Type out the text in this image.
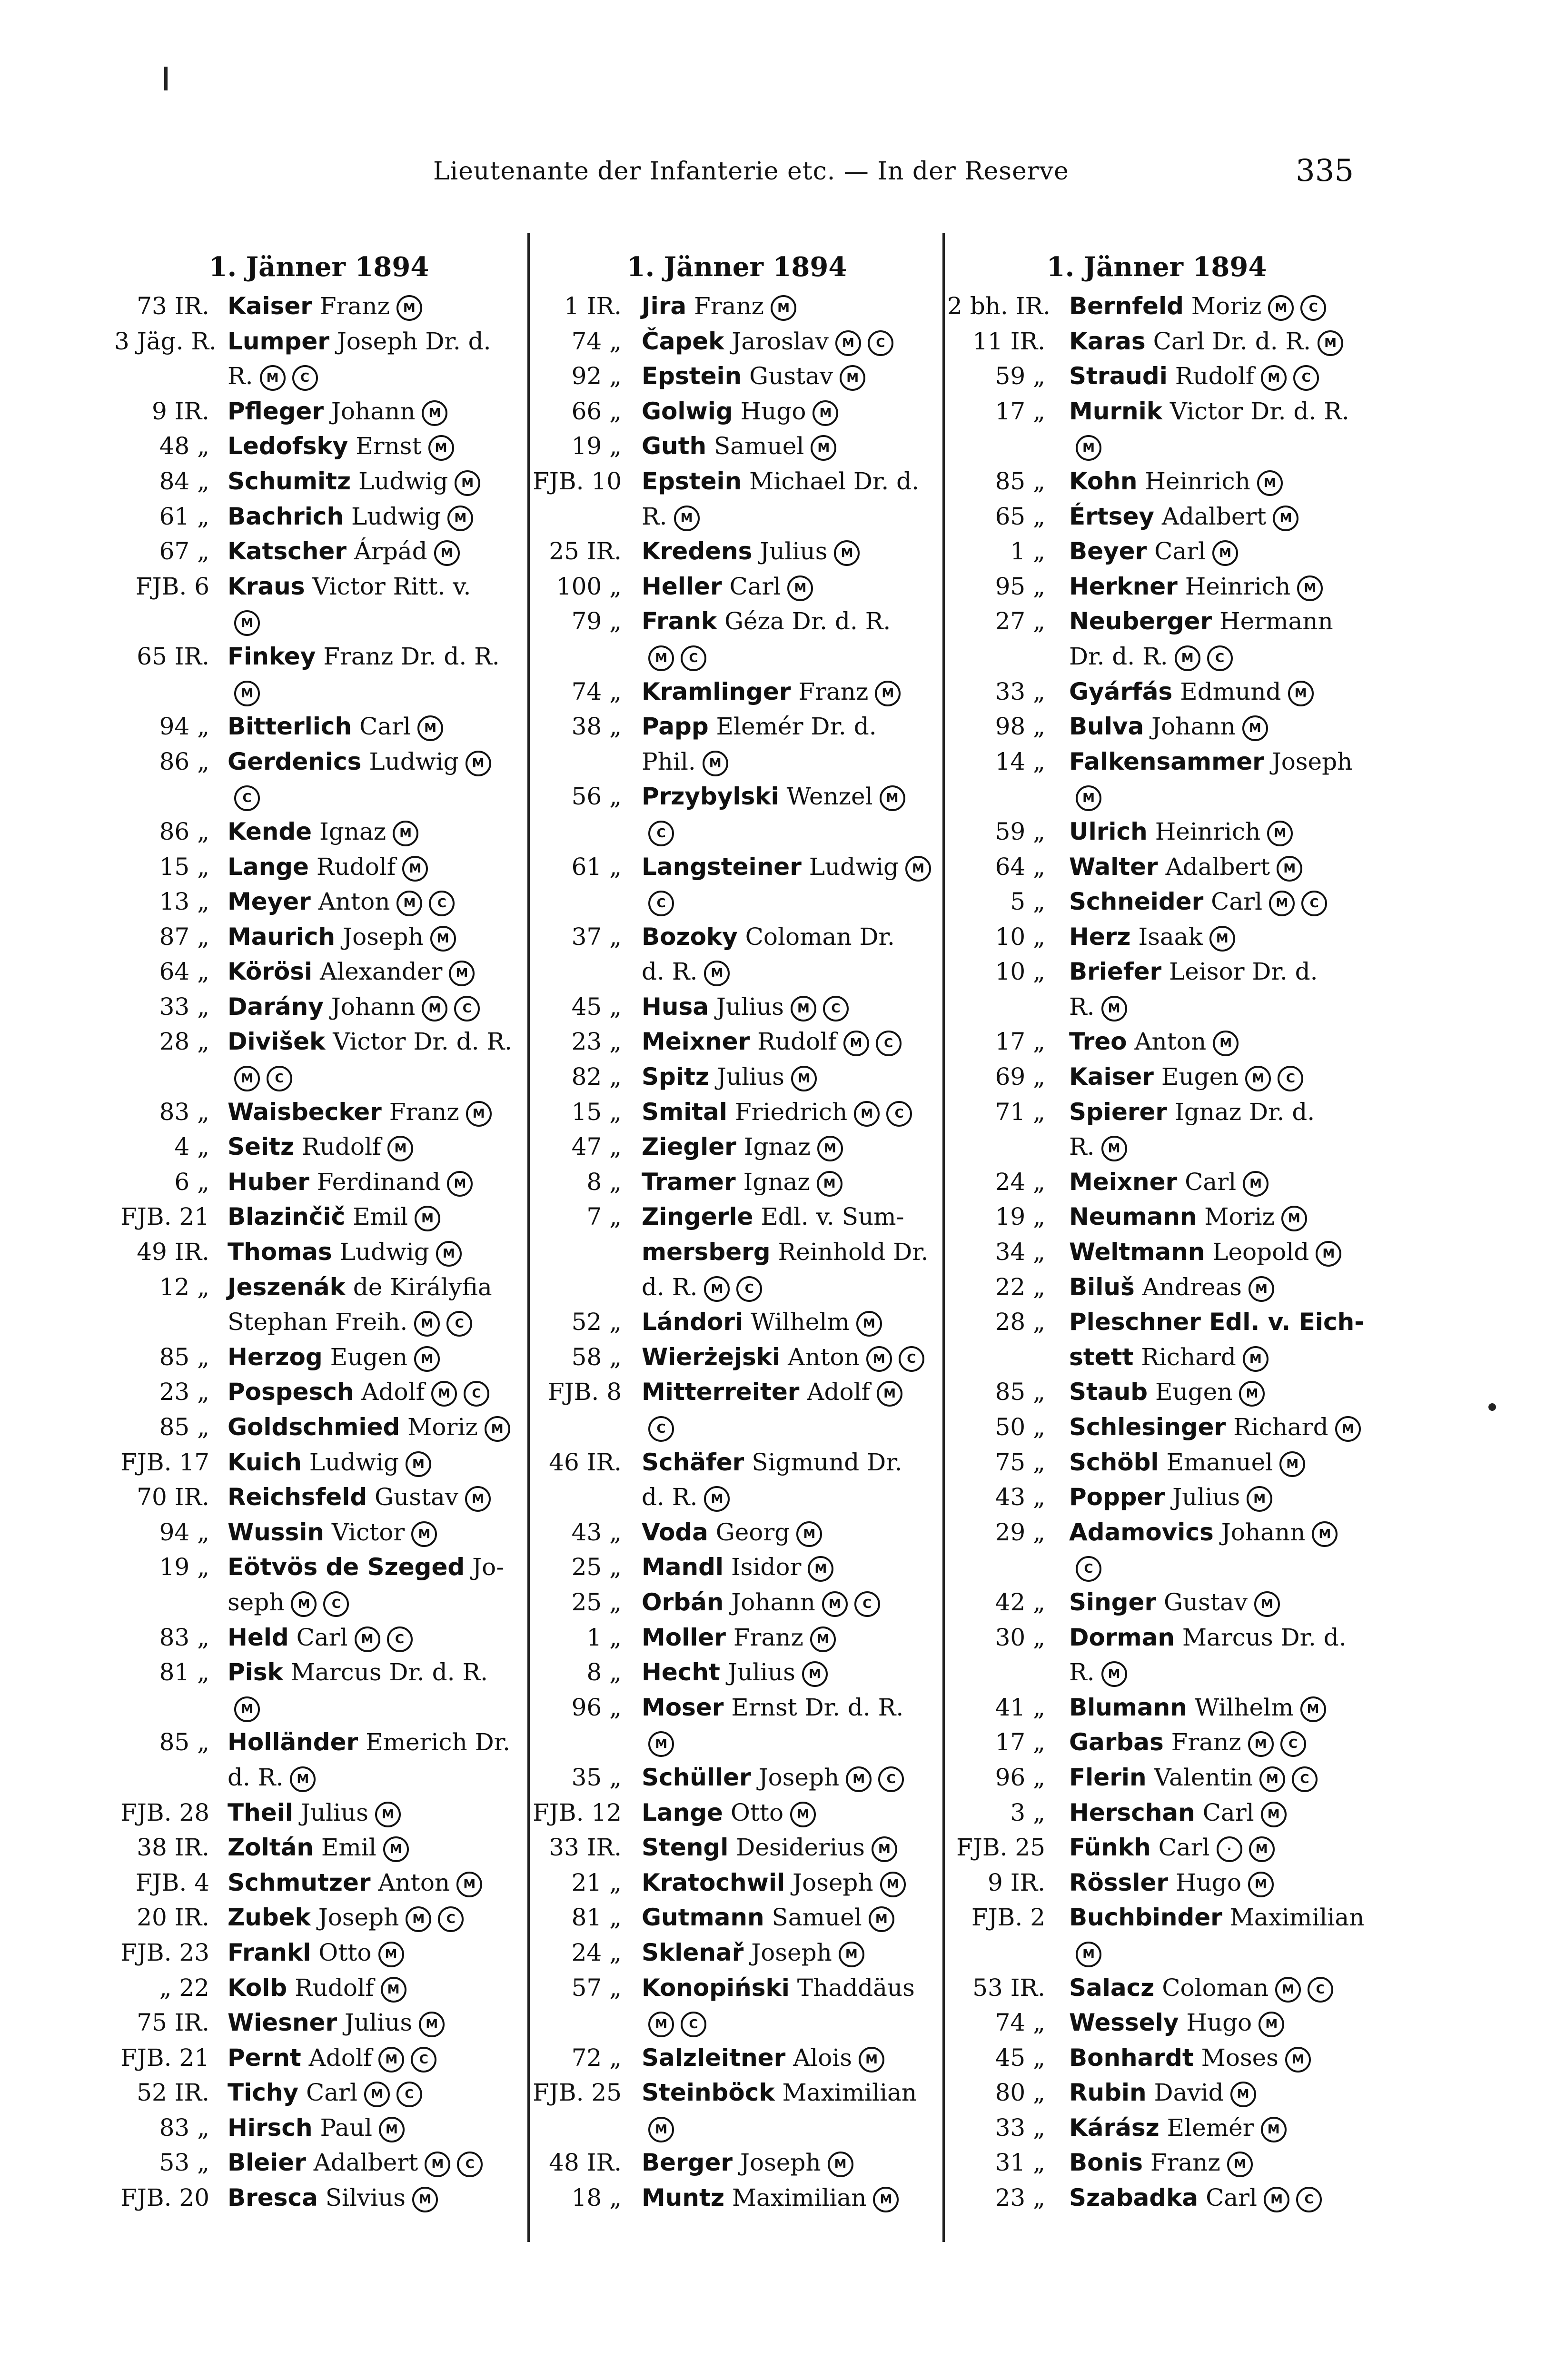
Lieutenante der Infanterie etc. — In der Reserve	335
1. Jänner 1894
73 IR. Kaiser Franz M
3 Jäg. R. Lumper Joseph Dr. d.
R. M C
9 IR. Pfleger Johann M
48 „ Ledofsky Ernst M
84 „ Schumitz Ludwig M
61 „ Bachrich Ludwig M
67 „ Katscher Árpád M
FJB. 6 Kraus Victor Ritt. v.
M
65 IR. Finkey Franz Dr. d. R.
M
94 „ Bitterlich Carl M
86 „ Gerdenics Ludwig M
C
86 „ Kende Ignaz M
15 „ Lange Rudolf M
13 „ Meyer Anton M C
87 „ Maurich Joseph M
64 „ Körösi Alexander M
33 „ Darány Johann M C
28 „ Divišek Victor Dr. d. R.
M C
83 „ Waisbecker Franz M
4 „ Seitz Rudolf M
6 „ Huber Ferdinand M
FJB. 21 Blazinčič Emil M
49 IR. Thomas Ludwig M
12 „ Jeszenák de Királyfia
Stephan Freih. M C
85 „ Herzog Eugen M
23 „ Pospesch Adolf M C
85 „ Goldschmied Moriz M
FJB. 17 Kuich Ludwig M
70 IR. Reichsfeld Gustav M
94 „ Wussin Victor M
19 „ Eötvös de Szeged Jo-
seph M C
83 „ Held Carl M C
81 „ Pisk Marcus Dr. d. R.
M
85 „ Holländer Emerich Dr.
d. R. M
FJB. 28 Theil Julius M
38 IR. Zoltán Emil M
FJB. 4 Schmutzer Anton M
20 IR. Zubek Joseph M C
FJB. 23 Frankl Otto M
„ 22 Kolb Rudolf M
75 IR. Wiesner Julius M
FJB. 21 Pernt Adolf M C
52 IR. Tichy Carl M C
83 „ Hirsch Paul M
53 „ Bleier Adalbert M C
FJB. 20 Bresca Silvius M
1. Jänner 1894
1 IR. Jira Franz M
74 „ Čapek Jaroslav M C
92 „ Epstein Gustav M
66 „ Golwig Hugo M
19 „ Guth Samuel M
FJB. 10 Epstein Michael Dr. d.
R. M
25 IR. Kredens Julius M
100 „ Heller Carl M
79 „ Frank Géza Dr. d. R.
M C
74 „ Kramlinger Franz M
38 „ Papp Elemér Dr. d.
Phil. M
56 „ Przybylski Wenzel M
C
61 „ Langsteiner Ludwig M
C
37 „ Bozoky Coloman Dr.
d. R. M
45 „ Husa Julius M C
23 „ Meixner Rudolf M C
82 „ Spitz Julius M
15 „ Smital Friedrich M C
47 „ Ziegler Ignaz M
8 „ Tramer Ignaz M
7 „ Zingerle Edl. v. Sum-
mersberg Reinhold Dr.
d. R. M C
52 „ Lándori Wilhelm M
58 „ Wierżejski Anton M C
FJB. 8 Mitterreiter Adolf M
C
46 IR. Schäfer Sigmund Dr.
d. R. M
43 „ Voda Georg M
25 „ Mandl Isidor M
25 „ Orbán Johann M C
1 „ Moller Franz M
8 „ Hecht Julius M
96 „ Moser Ernst Dr. d. R.
M
35 „ Schüller Joseph M C
FJB. 12 Lange Otto M
33 IR. Stengl Desiderius M
21 „ Kratochwil Joseph M
81 „ Gutmann Samuel M
24 „ Sklenař Joseph M
57 „ Konopiński Thaddäus
M C
72 „ Salzleitner Alois M
FJB. 25 Steinböck Maximilian
M
48 IR. Berger Joseph M
18 „ Muntz Maximilian M
1. Jänner 1894
2 bh. IR. Bernfeld Moriz M C
11 IR. Karas Carl Dr. d. R. M
59 „ Straudi Rudolf M C
17 „ Murnik Victor Dr. d. R.
M
85 „ Kohn Heinrich M
65 „ Értsey Adalbert M
1 „ Beyer Carl M
95 „ Herkner Heinrich M
27 „ Neuberger Hermann
Dr. d. R. M C
33 „ Gyárfás Edmund M
98 „ Bulva Johann M
14 „ Falkensammer Joseph
M
59 „ Ulrich Heinrich M
64 „ Walter Adalbert M
5 „ Schneider Carl M C
10 „ Herz Isaak M
10 „ Briefer Leisor Dr. d.
R. M
17 „ Treo Anton M
69 „ Kaiser Eugen M C
71 „ Spierer Ignaz Dr. d.
R. M
24 „ Meixner Carl M
19 „ Neumann Moriz M
34 „ Weltmann Leopold M
22 „ Biluš Andreas M
28 „ Pleschner Edl. v. Eich-
stett Richard M
85 „ Staub Eugen M
50 „ Schlesinger Richard M
75 „ Schöbl Emanuel M
43 „ Popper Julius M
29 „ Adamovics Johann M
C
42 „ Singer Gustav M
30 „ Dorman Marcus Dr. d.
R. M
41 „ Blumann Wilhelm M
17 „ Garbas Franz M C
96 „ Flerin Valentin M C
3 „ Herschan Carl M
FJB. 25 Fünkh Carl · M
9 IR. Rössler Hugo M
FJB. 2 Buchbinder Maximilian
M
53 IR. Salacz Coloman M C
74 „ Wessely Hugo M
45 „ Bonhardt Moses M
80 „ Rubin David M
33 „ Kárász Elemér M
31 „ Bonis Franz M
23 „ Szabadka Carl M C
